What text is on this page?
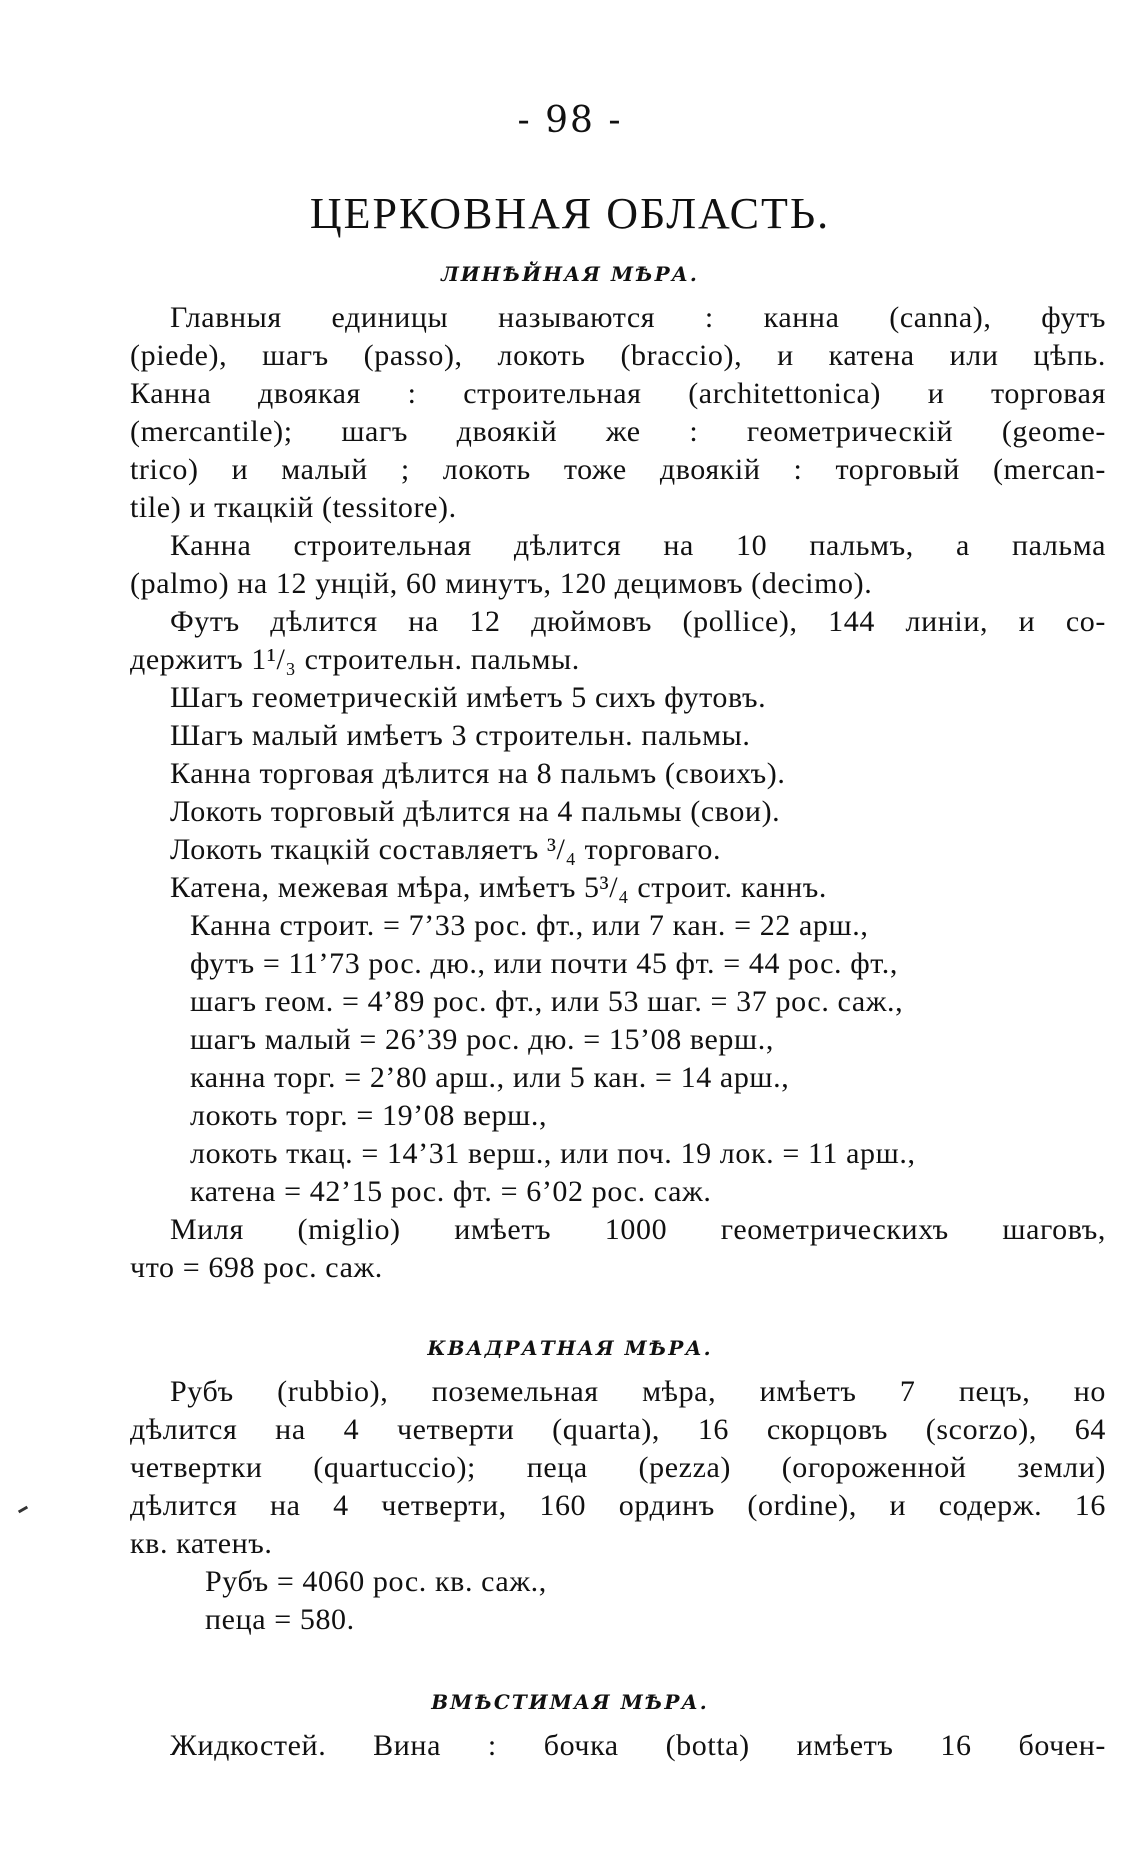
- 98 -
ЦЕРКОВНАЯ ОБЛАСТЬ.
ЛИНѢЙНАЯ МѢРА.
Главныя единицы называются : канна (canna), футъ
(piede), шагъ (passo), локоть (braccio), и катена или цѣпь.
Канна двоякая : строительная (architettonica) и торговая
(mercantile); шагъ двоякій же : геометрическій (geome-
trico) и малый ; локоть тоже двоякій : торговый (mercan-
tile) и ткацкій (tessitore).
Канна строительная дѣлится на 10 пальмъ, а пальма
(palmo) на 12 унцій, 60 минутъ, 120 децимовъ (decimo).
Футъ дѣлится на 12 дюймовъ (pollice), 144 линіи, и со-
держитъ 1¹/₃ строительн. пальмы.
Шагъ геометрическій имѣетъ 5 сихъ футовъ.
Шагъ малый имѣетъ 3 строительн. пальмы.
Канна торговая дѣлится на 8 пальмъ (своихъ).
Локоть торговый дѣлится на 4 пальмы (свои).
Локоть ткацкій составляетъ ³/₄ торговаго.
Катена, межевая мѣра, имѣетъ 5³/₄ строит. каннъ.
Канна строит. = 7’33 рос. фт., или 7 кан. = 22 арш.,
футъ = 11’73 рос. дю., или почти 45 фт. = 44 рос. фт.,
шагъ геом. = 4’89 рос. фт., или 53 шаг. = 37 рос. саж.,
шагъ малый = 26’39 рос. дю. = 15’08 верш.,
канна торг. = 2’80 арш., или 5 кан. = 14 арш.,
локоть торг. = 19’08 верш.,
локоть ткац. = 14’31 верш., или поч. 19 лок. = 11 арш.,
катена = 42’15 рос. фт. = 6’02 рос. саж.
Миля (miglio) имѣетъ 1000 геометрическихъ шаговъ,
что = 698 рос. саж.
КВАДРАТНАЯ МѢРА.
Рубъ (rubbio), поземельная мѣра, имѣетъ 7 пецъ, но
дѣлится на 4 четверти (quarta), 16 скорцовъ (scorzo), 64
четвертки (quartuccio); пеца (pezza) (огороженной земли)
дѣлится на 4 четверти, 160 ординъ (ordine), и содерж. 16
кв. катенъ.
Рубъ = 4060 рос. кв. саж.,
пеца = 580.
ВМѢСТИМАЯ МѢРА.
Жидкостей. Вина : бочка (botta) имѣетъ 16 бочен-
